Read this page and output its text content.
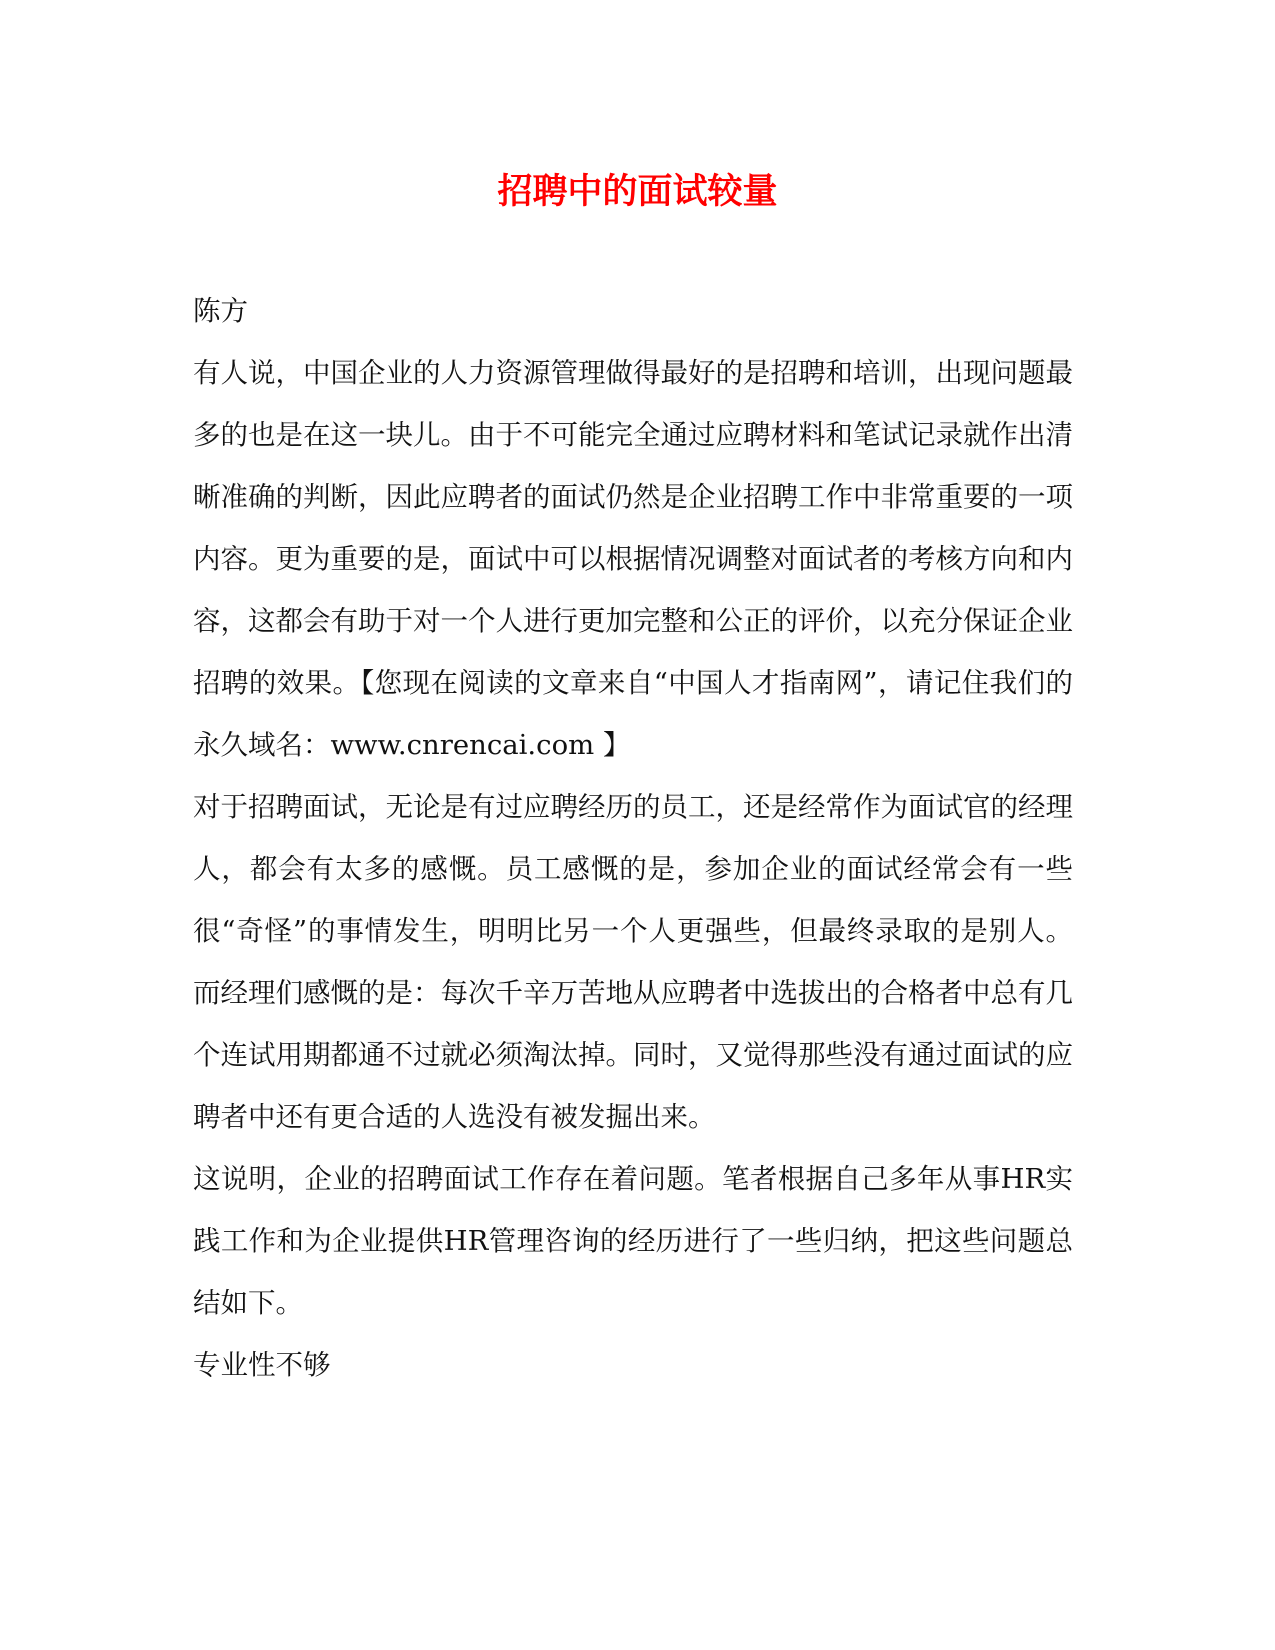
招聘中的面试较量

陈方

有人说，中国企业的人力资源管理做得最好的是招聘和培训，出现问题最多的也是在这一块儿。由于不可能完全通过应聘材料和笔试记录就作出清晰准确的判断，因此应聘者的面试仍然是企业招聘工作中非常重要的一项内容。更为重要的是，面试中可以根据情况调整对面试者的考核方向和内容，这都会有助于对一个人进行更加完整和公正的评价，以充分保证企业招聘的效果。【您现在阅读的文章来自“中国人才指南网”，请记住我们的永久域名：www.cnrencai.com 】

对于招聘面试，无论是有过应聘经历的员工，还是经常作为面试官的经理人，都会有太多的感慨。员工感慨的是，参加企业的面试经常会有一些很“奇怪”的事情发生，明明比另一个人更强些，但最终录取的是别人。而经理们感慨的是：每次千辛万苦地从应聘者中选拔出的合格者中总有几个连试用期都通不过就必须淘汰掉。同时，又觉得那些没有通过面试的应聘者中还有更合适的人选没有被发掘出来。

这说明，企业的招聘面试工作存在着问题。笔者根据自己多年从事HR实践工作和为企业提供HR管理咨询的经历进行了一些归纳，把这些问题总结如下。

专业性不够
